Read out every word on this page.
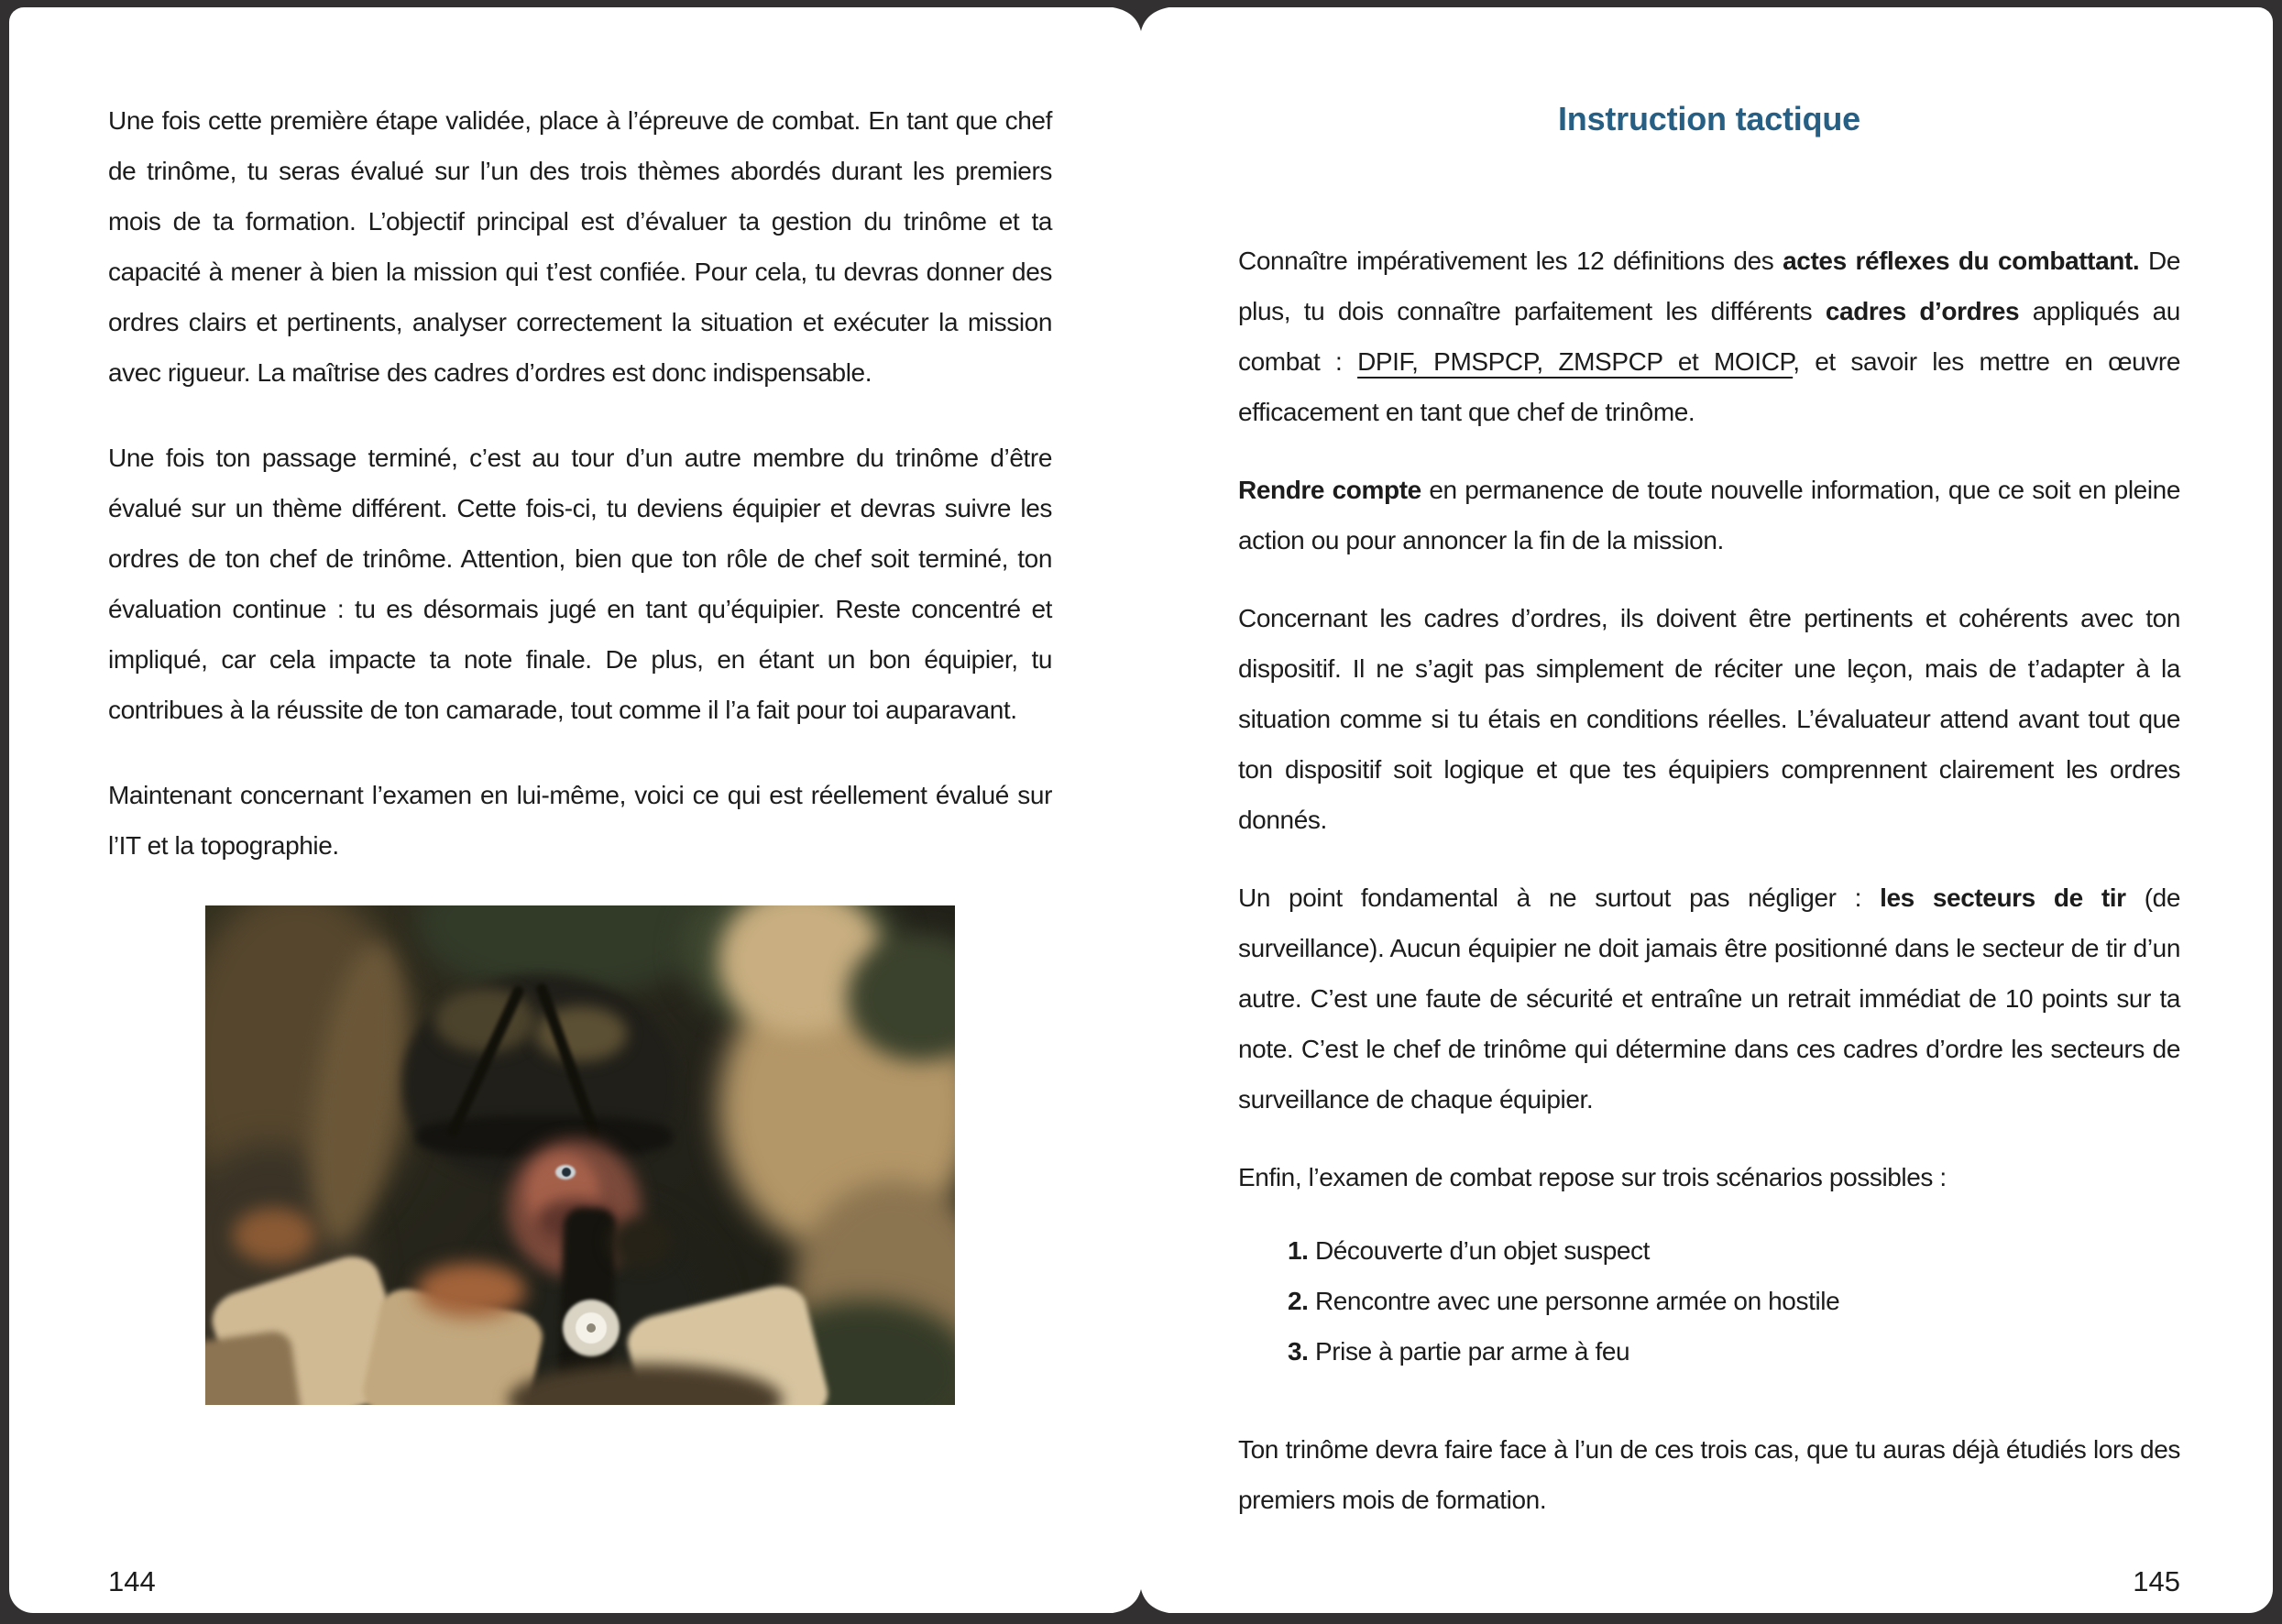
Une fois cette première étape validée, place à l’épreuve de combat. En tant que chef de trinôme, tu seras évalué sur l’un des trois thèmes abordés durant les premiers mois de ta formation. L’objectif principal est d’évaluer ta gestion du trinôme et ta capacité à mener à bien la mission qui t’est confiée. Pour cela, tu devras donner des ordres clairs et pertinents, analyser correctement la situation et exécuter la mission avec rigueur. La maîtrise des cadres d’ordres est donc indispensable.

Une fois ton passage terminé, c’est au tour d’un autre membre du trinôme d’être évalué sur un thème différent. Cette fois-ci, tu deviens équipier et devras suivre les ordres de ton chef de trinôme. Attention, bien que ton rôle de chef soit terminé, ton évaluation continue : tu es désormais jugé en tant qu’équipier. Reste concentré et impliqué, car cela impacte ta note finale. De plus, en étant un bon équipier, tu contribues à la réussite de ton camarade, tout comme il l’a fait pour toi auparavant.

Maintenant concernant l’examen en lui-même, voici ce qui est réellement évalué sur l’IT et la topographie.

144
Instruction tactique

Connaître impérativement les 12 définitions des actes réflexes du combattant. De plus, tu dois connaître parfaitement les différents cadres d’ordres appliqués au combat : DPIF, PMSPCP, ZMSPCP et MOICP, et savoir les mettre en œuvre efficacement en tant que chef de trinôme.

Rendre compte en permanence de toute nouvelle information, que ce soit en pleine action ou pour annoncer la fin de la mission.

Concernant les cadres d’ordres, ils doivent être pertinents et cohérents avec ton dispositif. Il ne s’agit pas simplement de réciter une leçon, mais de t’adapter à la situation comme si tu étais en conditions réelles. L’évaluateur attend avant tout que ton dispositif soit logique et que tes équipiers comprennent clairement les ordres donnés.

Un point fondamental à ne surtout pas négliger : les secteurs de tir (de surveillance). Aucun équipier ne doit jamais être positionné dans le secteur de tir d’un autre. C’est une faute de sécurité et entraîne un retrait immédiat de 10 points sur ta note. C’est le chef de trinôme qui détermine dans ces cadres d’ordre les secteurs de surveillance de chaque équipier.

Enfin, l’examen de combat repose sur trois scénarios possibles :

1. Découverte d’un objet suspect
2. Rencontre avec une personne armée on hostile
3. Prise à partie par arme à feu

Ton trinôme devra faire face à l’un de ces trois cas, que tu auras déjà étudiés lors des premiers mois de formation.

145
